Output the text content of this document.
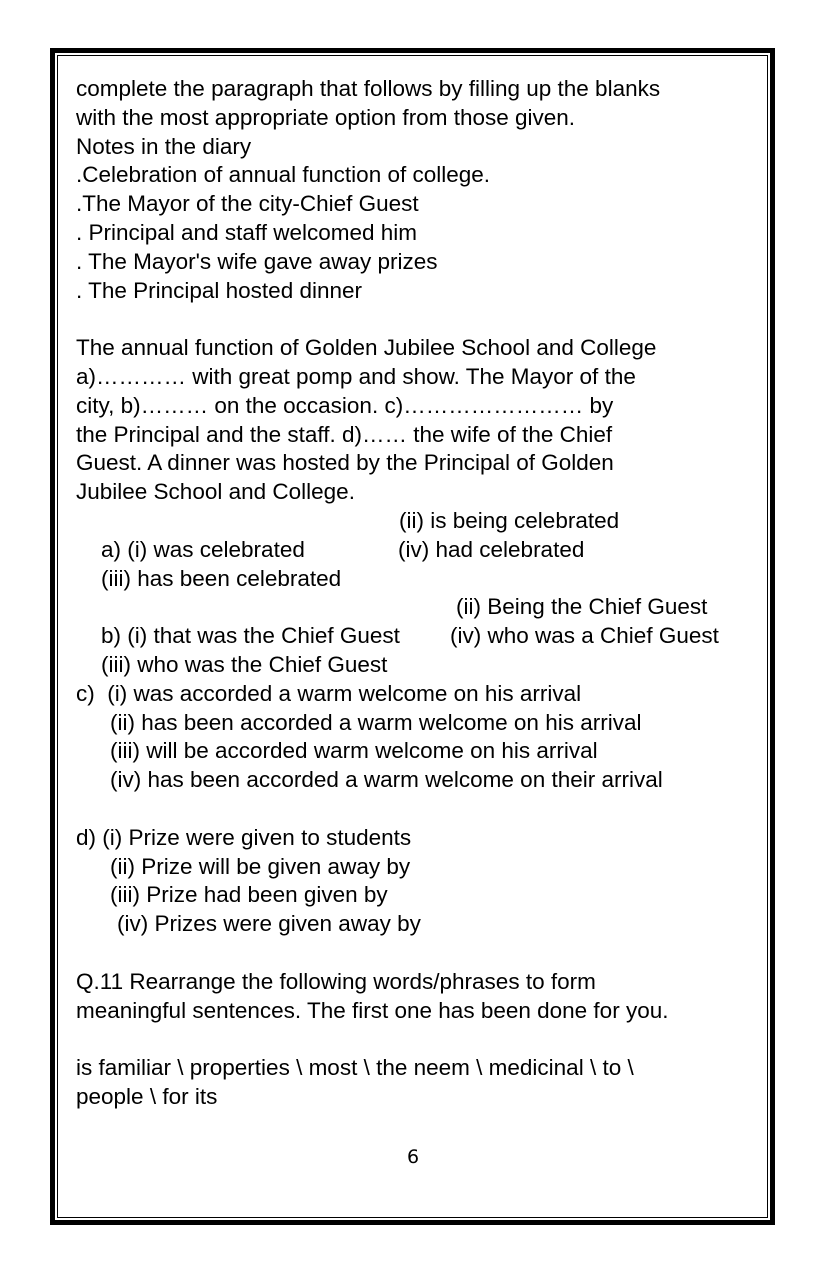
complete the paragraph that follows by filling up the blanks
with the most appropriate option from those given.
Notes in the diary
.Celebration of annual function of college.
.The Mayor of the city-Chief Guest
. Principal and staff welcomed him
. The Mayor's wife gave away prizes
. The Principal hosted dinner
The annual function of Golden Jubilee School and College
a)………… with great pomp and show. The Mayor of the
city, b)……… on the occasion. c)…………………… by
the Principal and the staff. d)…… the wife of the Chief
Guest. A dinner was hosted by the Principal of Golden
Jubilee School and College.

a) (i) was celebrated

(ii) is being celebrated

(iii) has been celebrated

(iv) had celebrated

b) (i) that was the Chief Guest

(ii) Being the Chief Guest

(iii) who was the Chief Guest

(iv) who was a Chief Guest

c)  (i) was accorded a warm welcome on his arrival
(ii) has been accorded a warm welcome on his arrival
(iii) will be accorded warm welcome on his arrival
(iv) has been accorded a warm welcome on their arrival
d) (i) Prize were given to students
(ii) Prize will be given away by
(iii) Prize had been given by
(iv) Prizes were given away by
Q.11 Rearrange the following words/phrases to form
meaningful sentences. The first one has been done for you.
is familiar \ properties \ most \ the neem \ medicinal \ to \
people \ for its
6
